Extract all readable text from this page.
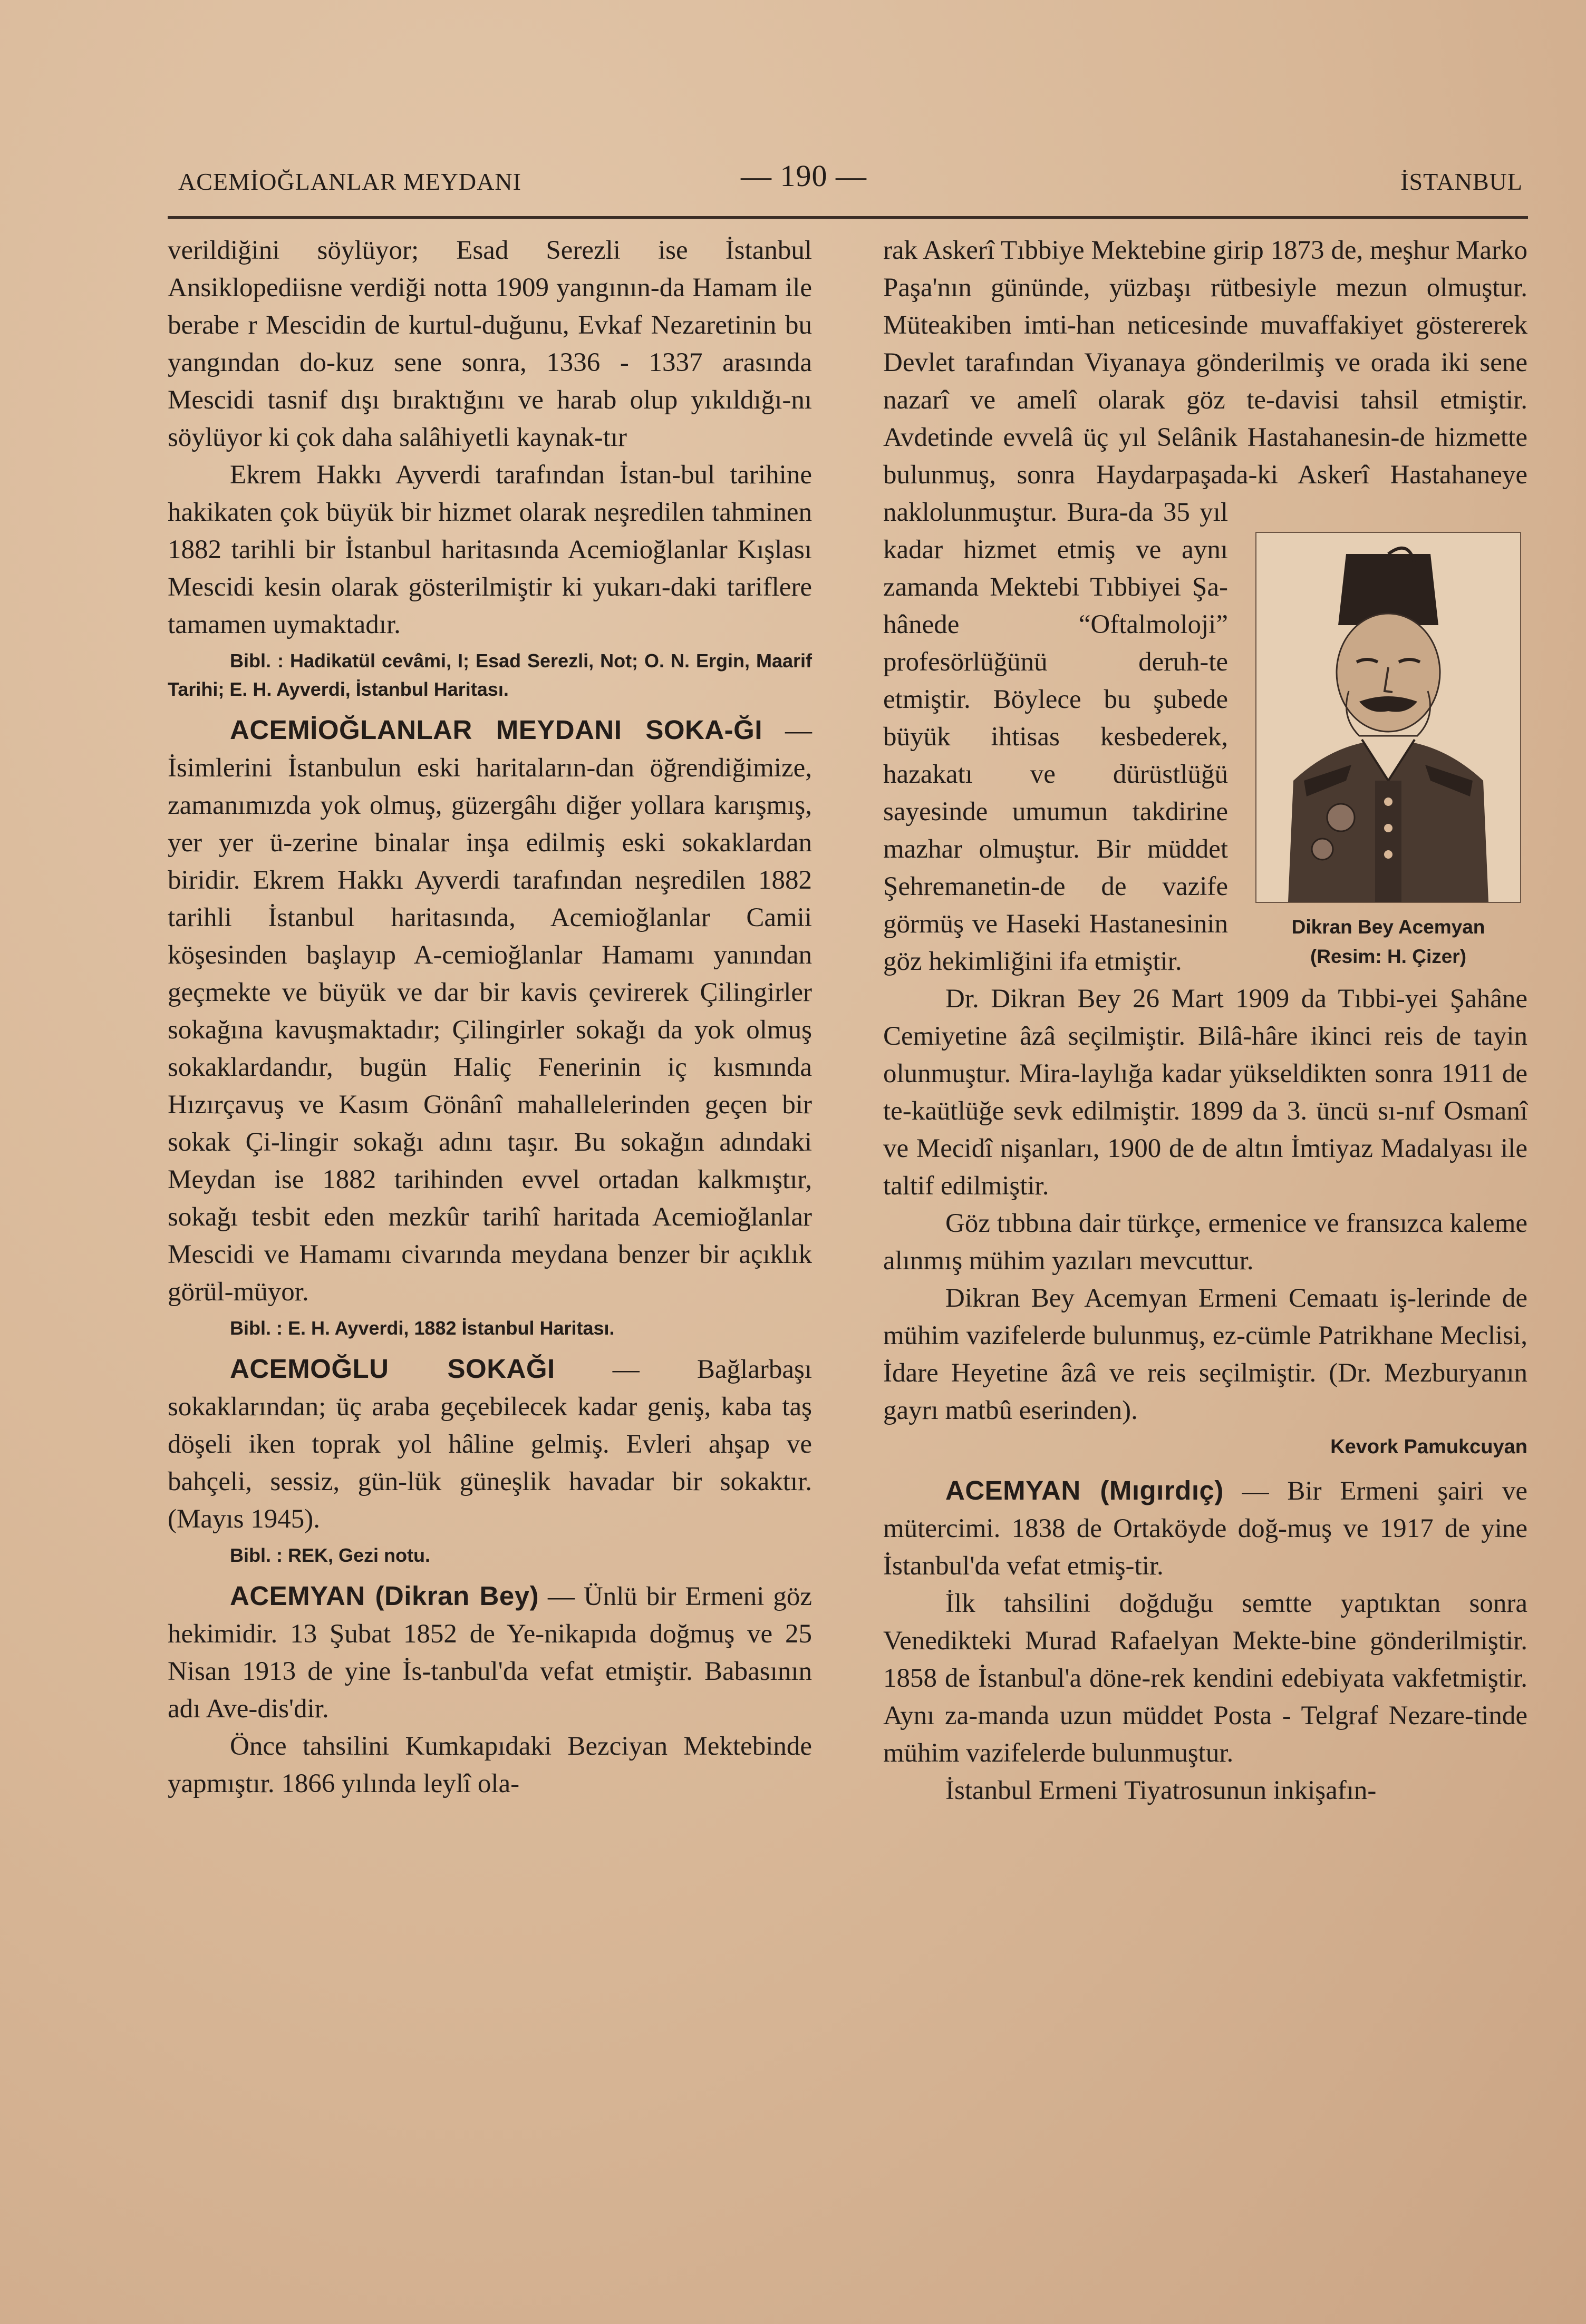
ACEMİOĞLANLAR MEYDANI	— 190 —	İSTANBUL

verildiğini söylüyor; Esad Serezli ise İstanbul Ansiklopediisne verdiği notta 1909 yangının-da Hamam ile berabe r Mescidin de kurtul-duğunu, Evkaf Nezaretinin bu yangından do-kuz sene sonra, 1336 - 1337 arasında Mescidi tasnif dışı bıraktığını ve harab olup yıkıldığı-nı söylüyor ki çok daha salâhiyetli kaynak-tır

Ekrem Hakkı Ayverdi tarafından İstan-bul tarihine hakikaten çok büyük bir hizmet olarak neşredilen tahminen 1882 tarihli bir İstanbul haritasında Acemioğlanlar Kışlası Mescidi kesin olarak gösterilmiştir ki yukarı-daki tariflere tamamen uymaktadır.

Bibl. : Hadikatül cevâmi, I; Esad Serezli, Not; O. N. Ergin, Maarif Tarihi; E. H. Ayverdi, İstanbul Haritası.

ACEMİOĞLANLAR MEYDANI SOKA-ĞI — İsimlerini İstanbulun eski haritaların-dan öğrendiğimize, zamanımızda yok olmuş, güzergâhı diğer yollara karışmış, yer yer ü-zerine binalar inşa edilmiş eski sokaklardan biridir. Ekrem Hakkı Ayverdi tarafından neşredilen 1882 tarihli İstanbul haritasında, Acemioğlanlar Camii köşesinden başlayıp A-cemioğlanlar Hamamı yanından geçmekte ve büyük ve dar bir kavis çevirerek Çilingirler sokağına kavuşmaktadır; Çilingirler sokağı da yok olmuş sokaklardandır, bugün Haliç Fenerinin iç kısmında Hızırçavuş ve Kasım Gönânî mahallelerinden geçen bir sokak Çi-lingir sokağı adını taşır. Bu sokağın adındaki Meydan ise 1882 tarihinden evvel ortadan kalkmıştır, sokağı tesbit eden mezkûr tarihî haritada Acemioğlanlar Mescidi ve Hamamı civarında meydana benzer bir açıklık görül-müyor.

Bibl. : E. H. Ayverdi, 1882 İstanbul Haritası.

ACEMOĞLU SOKAĞI — Bağlarbaşı sokaklarından; üç araba geçebilecek kadar geniş, kaba taş döşeli iken toprak yol hâline gelmiş. Evleri ahşap ve bahçeli, sessiz, gün-lük güneşlik havadar bir sokaktır. (Mayıs 1945).

Bibl. : REK, Gezi notu.

ACEMYAN (Dikran Bey) — Ünlü bir Ermeni göz hekimidir. 13 Şubat 1852 de Ye-nikapıda doğmuş ve 25 Nisan 1913 de yine İs-tanbul'da vefat etmiştir. Babasının adı Ave-dis'dir.

Önce tahsilini Kumkapıdaki Bezciyan Mektebinde yapmıştır. 1866 yılında leylî ola-

Dikran Bey Acemyan
(Resim: H. Çizer)

rak Askerî Tıbbiye Mektebine girip 1873 de, meşhur Marko Paşa'nın gününde, yüzbaşı rütbesiyle mezun olmuştur. Müteakiben imti-han neticesinde muvaffakiyet göstererek Devlet tarafından Viyanaya gönderilmiş ve orada iki sene nazarî ve amelî olarak göz te-davisi tahsil etmiştir. Avdetinde evvelâ üç yıl Selânik Hastahanesin-de hizmette bulunmuş, sonra Haydarpaşada-ki Askerî Hastahaneye naklolunmuştur. Bura-da 35 yıl kadar hizmet etmiş ve aynı zamanda Mektebi Tıbbiyei Şa-hânede “Oftalmoloji” profesörlüğünü deruh-te etmiştir. Böylece bu şubede büyük ihtisas kesbederek, hazakatı ve dürüstlüğü sayesinde umumun takdirine mazhar olmuştur. Bir müddet Şehremanetin-de de vazife görmüş ve Haseki Hastanesinin göz hekimliğini ifa etmiştir.

Dr. Dikran Bey 26 Mart 1909 da Tıbbi-yei Şahâne Cemiyetine âzâ seçilmiştir. Bilâ-hâre ikinci reis de tayin olunmuştur. Mira-laylığa kadar yükseldikten sonra 1911 de te-kaütlüğe sevk edilmiştir. 1899 da 3. üncü sı-nıf Osmanî ve Mecidî nişanları, 1900 de de altın İmtiyaz Madalyası ile taltif edilmiştir.

Göz tıbbına dair türkçe, ermenice ve fransızca kaleme alınmış mühim yazıları mevcuttur.

Dikran Bey Acemyan Ermeni Cemaatı iş-lerinde de mühim vazifelerde bulunmuş, ez-cümle Patrikhane Meclisi, İdare Heyetine âzâ ve reis seçilmiştir. (Dr. Mezburyanın gayrı matbû eserinden).

Kevork Pamukcuyan

ACEMYAN (Mıgırdıç) — Bir Ermeni şairi ve mütercimi. 1838 de Ortaköyde doğ-muş ve 1917 de yine İstanbul'da vefat etmiş-tir.

İlk tahsilini doğduğu semtte yaptıktan sonra Venedikteki Murad Rafaelyan Mekte-bine gönderilmiştir. 1858 de İstanbul'a döne-rek kendini edebiyata vakfetmiştir. Aynı za-manda uzun müddet Posta - Telgraf Nezare-tinde mühim vazifelerde bulunmuştur.

İstanbul Ermeni Tiyatrosunun inkişafın-
